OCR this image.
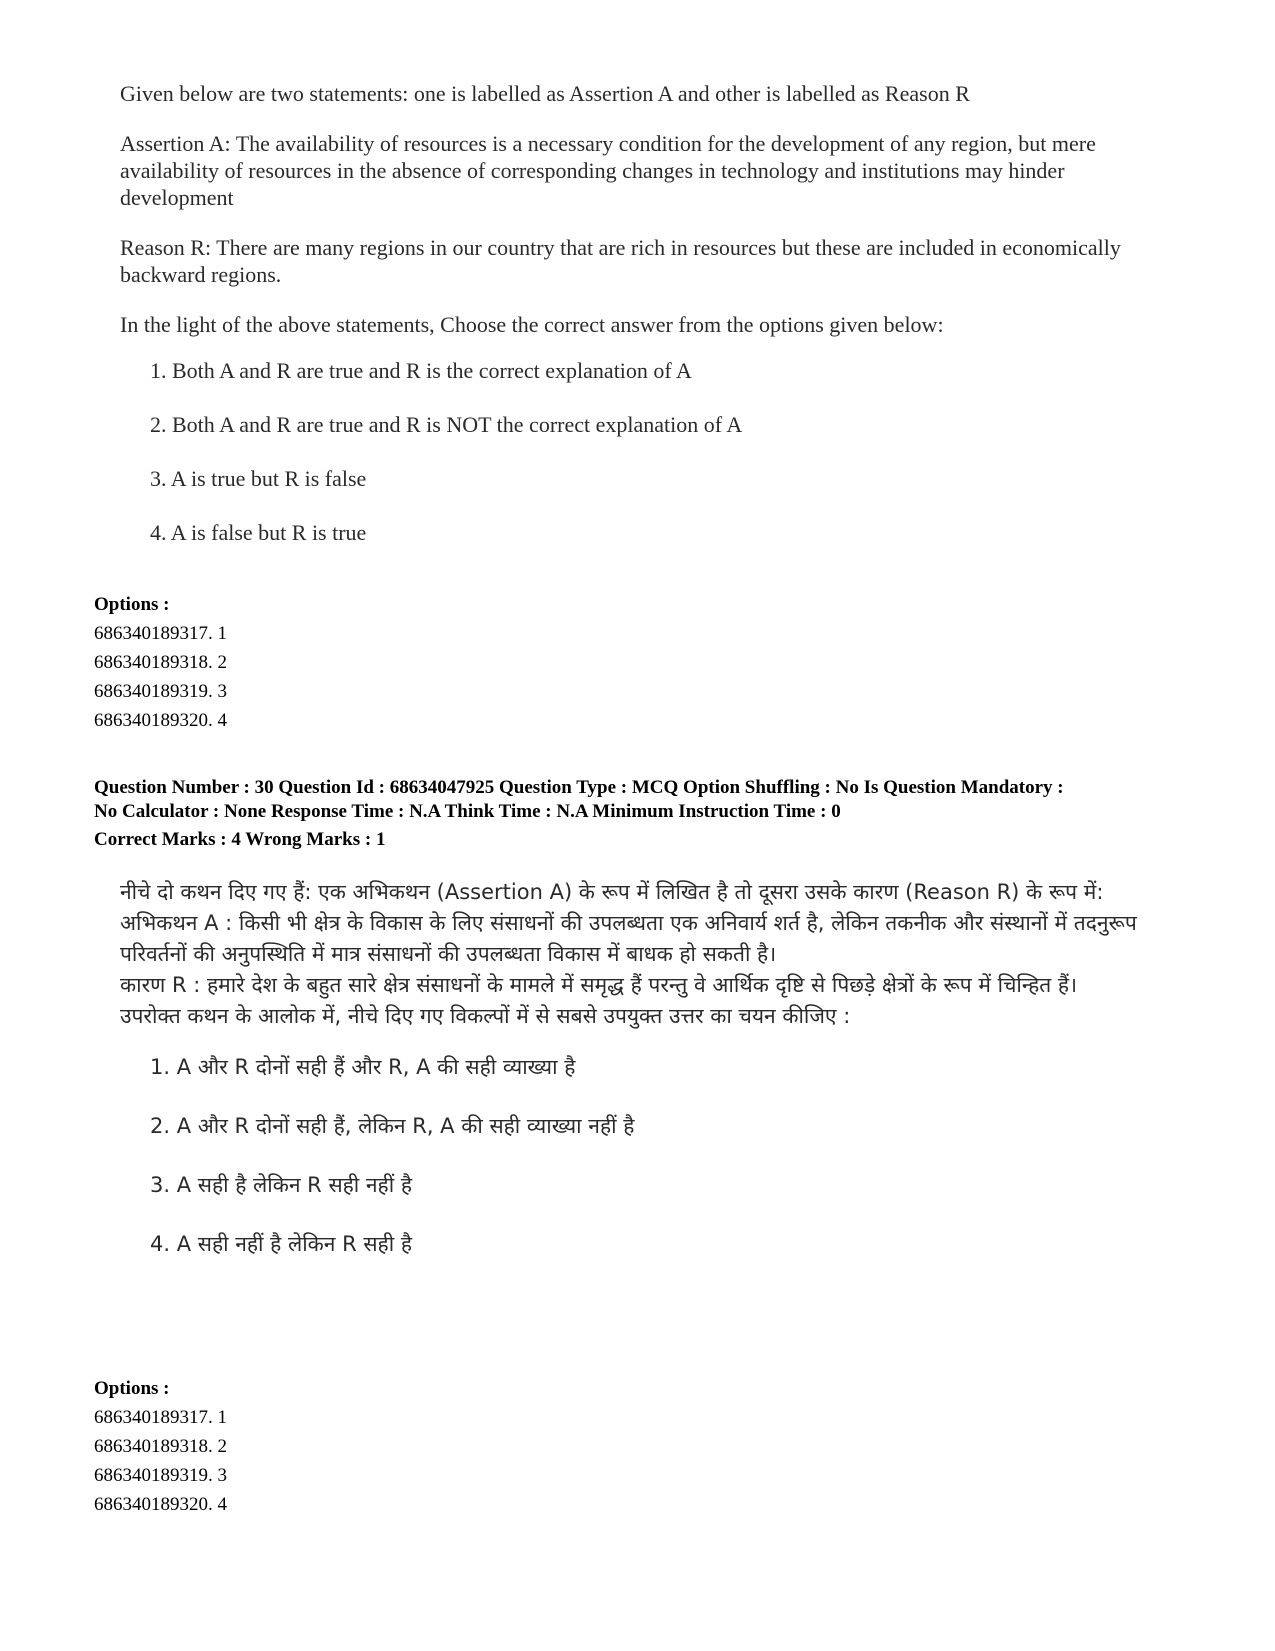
Given below are two statements: one is labelled as Assertion A and other is labelled as Reason R

Assertion A: The availability of resources is a necessary condition for the development of any region, but mere availability of resources in the absence of corresponding changes in technology and institutions may hinder development

Reason R: There are many regions in our country that are rich in resources but these are included in economically backward regions.

In the light of the above statements, Choose the correct answer from the options given below:

1. Both A and R are true and R is the correct explanation of A

2. Both A and R are true and R is NOT the correct explanation of A

3. A is true but R is false

4. A is false but R is true

Options :
686340189317. 1
686340189318. 2
686340189319. 3
686340189320. 4
Question Number : 30 Question Id : 68634047925 Question Type : MCQ Option Shuffling : No Is Question Mandatory :
No Calculator : None Response Time : N.A Think Time : N.A Minimum Instruction Time : 0
Correct Marks : 4 Wrong Marks : 1

नीचे दो कथन दिए गए हैं: एक अभिकथन (Assertion A) के रूप में लिखित है तो दूसरा उसके कारण (Reason R) के रूप में:

अभिकथन A : किसी भी क्षेत्र के विकास के लिए संसाधनों की उपलब्धता एक अनिवार्य शर्त है, लेकिन तकनीक और संस्थानों में तदनुरूप परिवर्तनों की अनुपस्थिति में मात्र संसाधनों की उपलब्धता विकास में बाधक हो सकती है।

कारण R : हमारे देश के बहुत सारे क्षेत्र संसाधनों के मामले में समृद्ध हैं परन्तु वे आर्थिक दृष्टि से पिछड़े क्षेत्रों के रूप में चिन्हित हैं।

उपरोक्त कथन के आलोक में, नीचे दिए गए विकल्पों में से सबसे उपयुक्त उत्तर का चयन कीजिए :

1. A और R दोनों सही हैं और R, A की सही व्याख्या है

2. A और R दोनों सही हैं, लेकिन R, A की सही व्याख्या नहीं है

3. A सही है लेकिन R सही नहीं है

4. A सही नहीं है लेकिन R सही है

Options :
686340189317. 1
686340189318. 2
686340189319. 3
686340189320. 4
